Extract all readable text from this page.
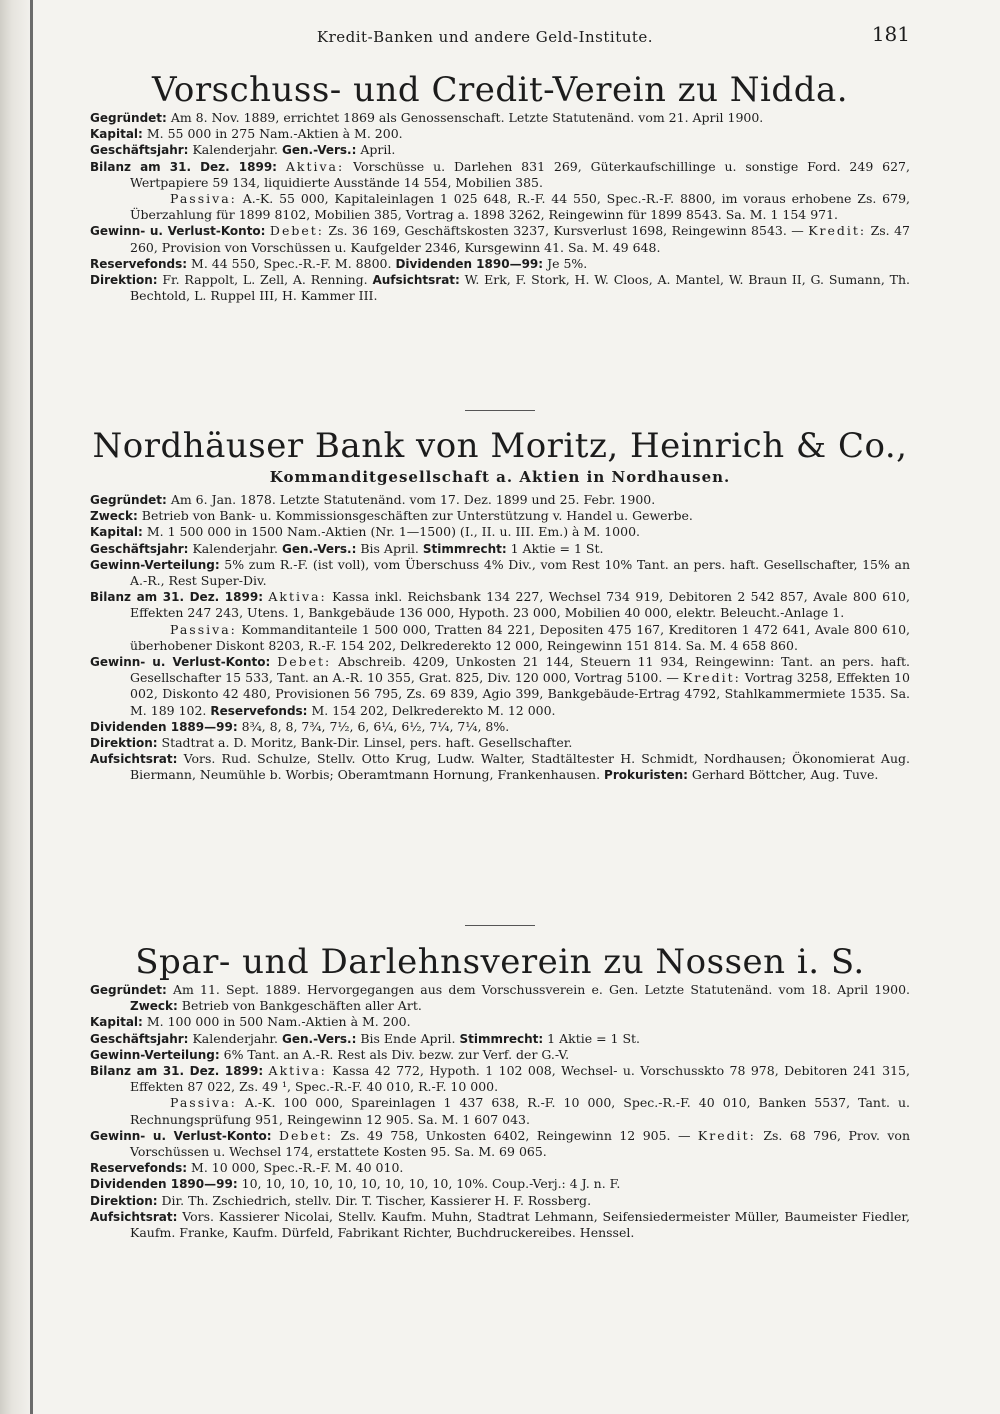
Kredit-Banken und andere Geld-Institute.	181
Vorschuss- und Credit-Verein zu Nidda.

Gegründet: Am 8. Nov. 1889, errichtet 1869 als Genossenschaft. Letzte Statutenänd. vom 21. April 1900.

Kapital: M. 55 000 in 275 Nam.-Aktien à M. 200.

Geschäftsjahr: Kalenderjahr. Gen.-Vers.: April.

Bilanz am 31. Dez. 1899: Aktiva: Vorschüsse u. Darlehen 831 269, Güterkaufschillinge u. sonstige Ford. 249 627, Wertpapiere 59 134, liquidierte Ausstände 14 554, Mobilien 385.

Passiva: A.-K. 55 000, Kapitaleinlagen 1 025 648, R.-F. 44 550, Spec.-R.-F. 8800, im voraus erhobene Zs. 679, Überzahlung für 1899 8102, Mobilien 385, Vortrag a. 1898 3262, Reingewinn für 1899 8543. Sa. M. 1 154 971.

Gewinn- u. Verlust-Konto: Debet: Zs. 36 169, Geschäftskosten 3237, Kursverlust 1698, Reingewinn 8543. — Kredit: Zs. 47 260, Provision von Vorschüssen u. Kaufgelder 2346, Kursgewinn 41. Sa. M. 49 648.

Reservefonds: M. 44 550, Spec.-R.-F. M. 8800. Dividenden 1890—99: Je 5%.

Direktion: Fr. Rappolt, L. Zell, A. Renning. Aufsichtsrat: W. Erk, F. Stork, H. W. Cloos, A. Mantel, W. Braun II, G. Sumann, Th. Bechtold, L. Ruppel III, H. Kammer III.

Nordhäuser Bank von Moritz, Heinrich & Co.,
Kommanditgesellschaft a. Aktien in Nordhausen.

Gegründet: Am 6. Jan. 1878. Letzte Statutenänd. vom 17. Dez. 1899 und 25. Febr. 1900.

Zweck: Betrieb von Bank- u. Kommissionsgeschäften zur Unterstützung v. Handel u. Gewerbe.

Kapital: M. 1 500 000 in 1500 Nam.-Aktien (Nr. 1—1500) (I., II. u. III. Em.) à M. 1000.

Geschäftsjahr: Kalenderjahr. Gen.-Vers.: Bis April. Stimmrecht: 1 Aktie = 1 St.

Gewinn-Verteilung: 5% zum R.-F. (ist voll), vom Überschuss 4% Div., vom Rest 10% Tant. an pers. haft. Gesellschafter, 15% an A.-R., Rest Super-Div.

Bilanz am 31. Dez. 1899: Aktiva: Kassa inkl. Reichsbank 134 227, Wechsel 734 919, Debitoren 2 542 857, Avale 800 610, Effekten 247 243, Utens. 1, Bankgebäude 136 000, Hypoth. 23 000, Mobilien 40 000, elektr. Beleucht.-Anlage 1.

Passiva: Kommanditanteile 1 500 000, Tratten 84 221, Depositen 475 167, Kreditoren 1 472 641, Avale 800 610, überhobener Diskont 8203, R.-F. 154 202, Delkrederekto 12 000, Reingewinn 151 814. Sa. M. 4 658 860.

Gewinn- u. Verlust-Konto: Debet: Abschreib. 4209, Unkosten 21 144, Steuern 11 934, Reingewinn: Tant. an pers. haft. Gesellschafter 15 533, Tant. an A.-R. 10 355, Grat. 825, Div. 120 000, Vortrag 5100. — Kredit: Vortrag 3258, Effekten 10 002, Diskonto 42 480, Provisionen 56 795, Zs. 69 839, Agio 399, Bankgebäude-Ertrag 4792, Stahlkammermiete 1535. Sa. M. 189 102. Reservefonds: M. 154 202, Delkrederekto M. 12 000.

Dividenden 1889—99: 8¾, 8, 8, 7¾, 7½, 6, 6¼, 6½, 7¼, 7¼, 8%.

Direktion: Stadtrat a. D. Moritz, Bank-Dir. Linsel, pers. haft. Gesellschafter.

Aufsichtsrat: Vors. Rud. Schulze, Stellv. Otto Krug, Ludw. Walter, Stadtältester H. Schmidt, Nordhausen; Ökonomierat Aug. Biermann, Neumühle b. Worbis; Oberamtmann Hornung, Frankenhausen. Prokuristen: Gerhard Böttcher, Aug. Tuve.

Spar- und Darlehnsverein zu Nossen i. S.

Gegründet: Am 11. Sept. 1889. Hervorgegangen aus dem Vorschussverein e. Gen. Letzte Statutenänd. vom 18. April 1900. Zweck: Betrieb von Bankgeschäften aller Art.

Kapital: M. 100 000 in 500 Nam.-Aktien à M. 200.

Geschäftsjahr: Kalenderjahr. Gen.-Vers.: Bis Ende April. Stimmrecht: 1 Aktie = 1 St.

Gewinn-Verteilung: 6% Tant. an A.-R. Rest als Div. bezw. zur Verf. der G.-V.

Bilanz am 31. Dez. 1899: Aktiva: Kassa 42 772, Hypoth. 1 102 008, Wechsel- u. Vorschusskto 78 978, Debitoren 241 315, Effekten 87 022, Zs. 49 ¹, Spec.-R.-F. 40 010, R.-F. 10 000.

Passiva: A.-K. 100 000, Spareinlagen 1 437 638, R.-F. 10 000, Spec.-R.-F. 40 010, Banken 5537, Tant. u. Rechnungsprüfung 951, Reingewinn 12 905. Sa. M. 1 607 043.

Gewinn- u. Verlust-Konto: Debet: Zs. 49 758, Unkosten 6402, Reingewinn 12 905. — Kredit: Zs. 68 796, Prov. von Vorschüssen u. Wechsel 174, erstattete Kosten 95. Sa. M. 69 065.

Reservefonds: M. 10 000, Spec.-R.-F. M. 40 010.

Dividenden 1890—99: 10, 10, 10, 10, 10, 10, 10, 10, 10, 10%. Coup.-Verj.: 4 J. n. F.

Direktion: Dir. Th. Zschiedrich, stellv. Dir. T. Tischer, Kassierer H. F. Rossberg.

Aufsichtsrat: Vors. Kassierer Nicolai, Stellv. Kaufm. Muhn, Stadtrat Lehmann, Seifensiedermeister Müller, Baumeister Fiedler, Kaufm. Franke, Kaufm. Dürfeld, Fabrikant Richter, Buchdruckereibes. Henssel.
